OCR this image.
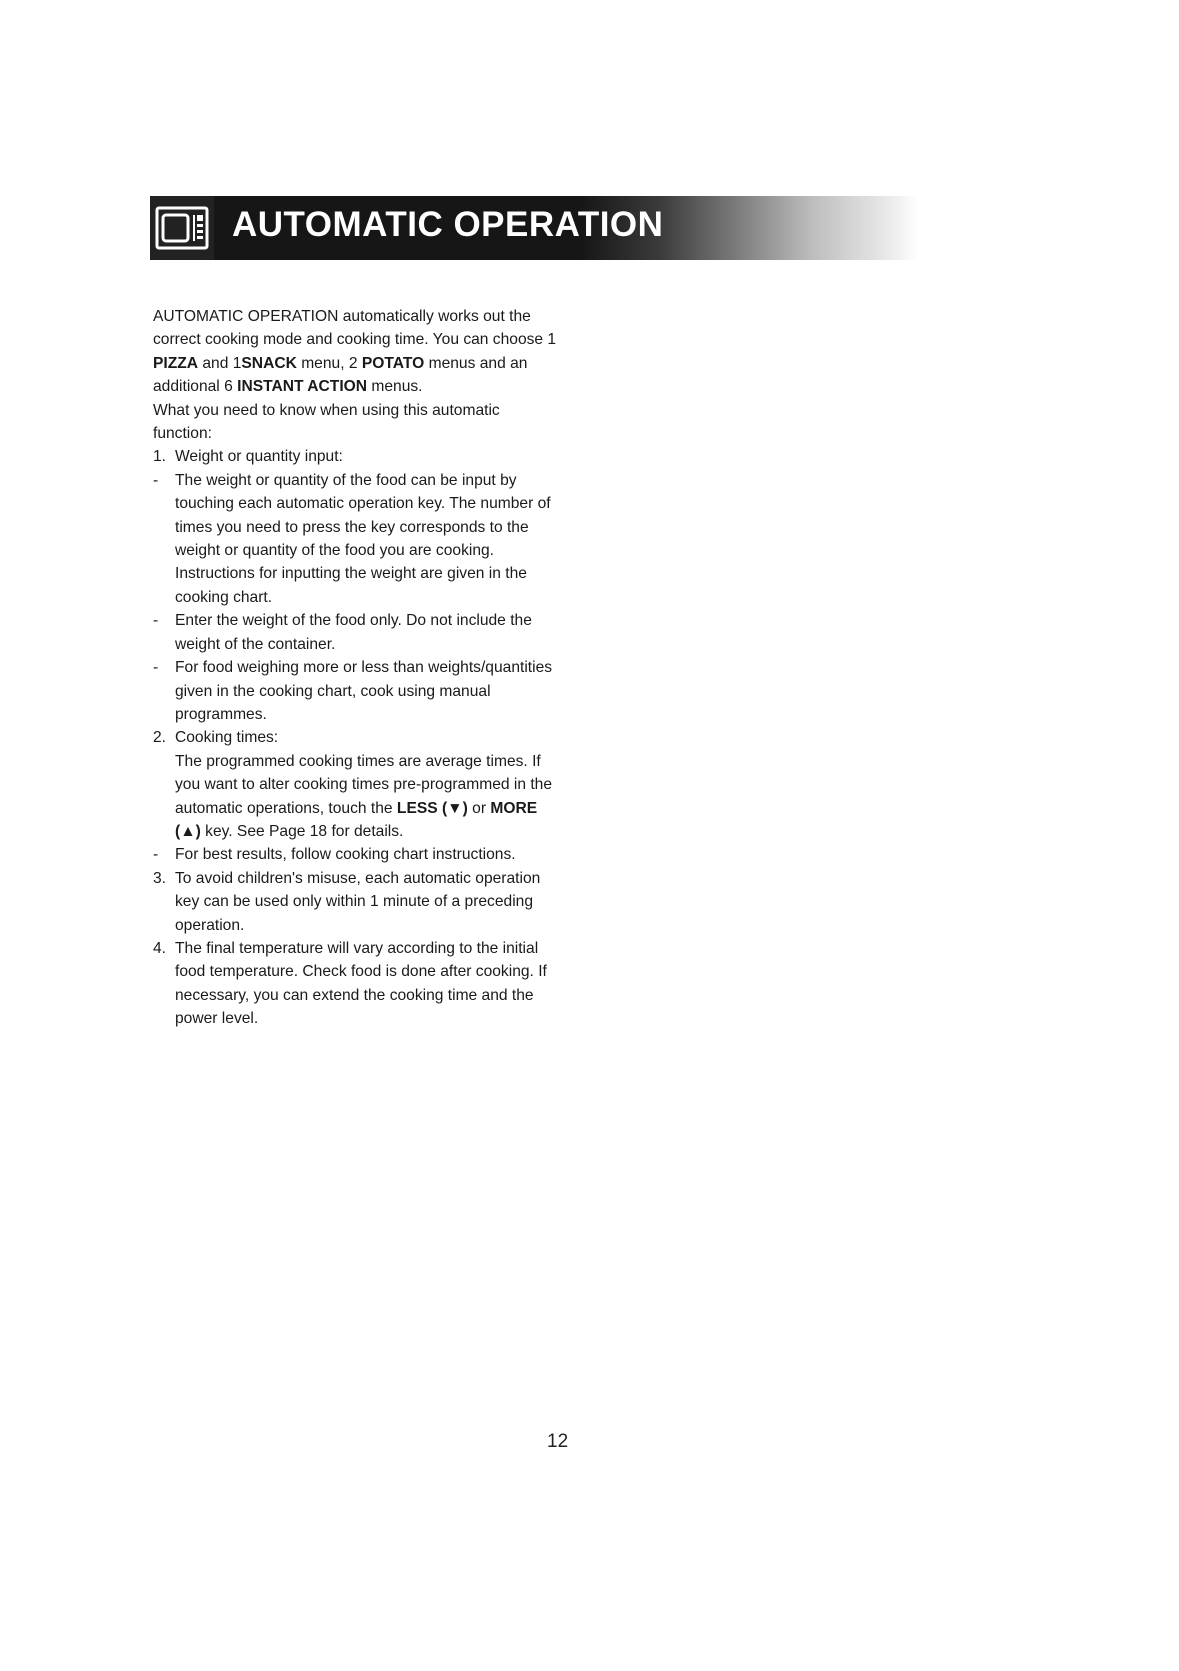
AUTOMATIC OPERATION

AUTOMATIC OPERATION automatically works out the correct cooking mode and cooking time. You can choose 1 PIZZA and 1SNACK menu, 2 POTATO menus and an additional 6 INSTANT ACTION menus.

What you need to know when using this automatic function:

1. Weight or quantity input:
-	The weight or quantity of the food can be input by touching each automatic operation key. The number of times you need to press the key corresponds to the weight or quantity of the food you are cooking. Instructions for inputting the weight are given in the cooking chart.
-	Enter the weight of the food only. Do not include the weight of the container.
-	For food weighing more or less than weights/quantities given in the cooking chart, cook using manual programmes.
2. Cooking times:

The programmed cooking times are average times. If you want to alter cooking times pre-programmed in the automatic operations, touch the LESS (▼) or MORE (▲) key. See Page 18 for details.

-	For best results, follow cooking chart instructions.
3. To avoid children's misuse, each automatic operation key can be used only within 1 minute of a preceding operation.
4. The final temperature will vary according to the initial food temperature. Check food is done after cooking. If necessary, you can extend the cooking time and the power level.
12
